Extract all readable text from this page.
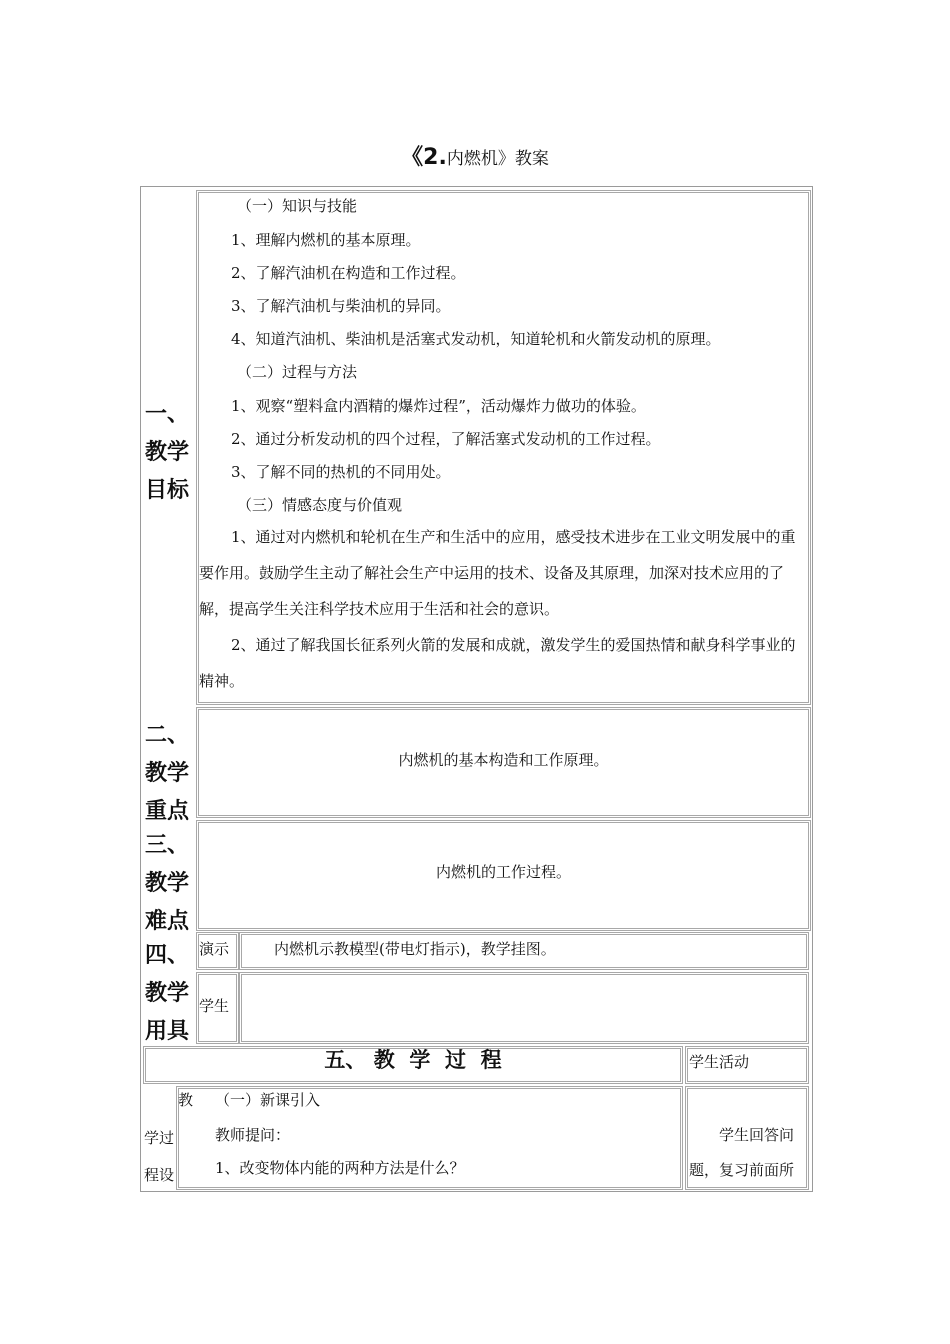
《2.内燃机》教案
一、
教学
目标
（一）知识与技能
1、理解内燃机的基本原理。
2、了解汽油机在构造和工作过程。
3、了解汽油机与柴油机的异同。
4、知道汽油机、柴油机是活塞式发动机，知道轮机和火箭发动机的原理。
（二）过程与方法
1、观察“塑料盒内酒精的爆炸过程”，活动爆炸力做功的体验。
2、通过分析发动机的四个过程，了解活塞式发动机的工作过程。
3、了解不同的热机的不同用处。
（三）情感态度与价值观
1、通过对内燃机和轮机在生产和生活中的应用，感受技术进步在工业文明发展中的重要作用。鼓励学生主动了解社会生产中运用的技术、设备及其原理，加深对技术应用的了解，提高学生关注科学技术应用于生活和社会的意识。
2、通过了解我国长征系列火箭的发展和成就，激发学生的爱国热情和献身科学事业的精神。
二、
教学
重点
内燃机的基本构造和工作原理。
三、
教学
难点
内燃机的工作过程。
四、
教学
用具
演示	内燃机示教模型(带电灯指示)，教学挂图。
学生
五、 教  学  过  程	学生活动
学过
程设
教 （一）新课引入
教师提问：
1、改变物体内能的两种方法是什么？
学生回答问
题，复习前面所
